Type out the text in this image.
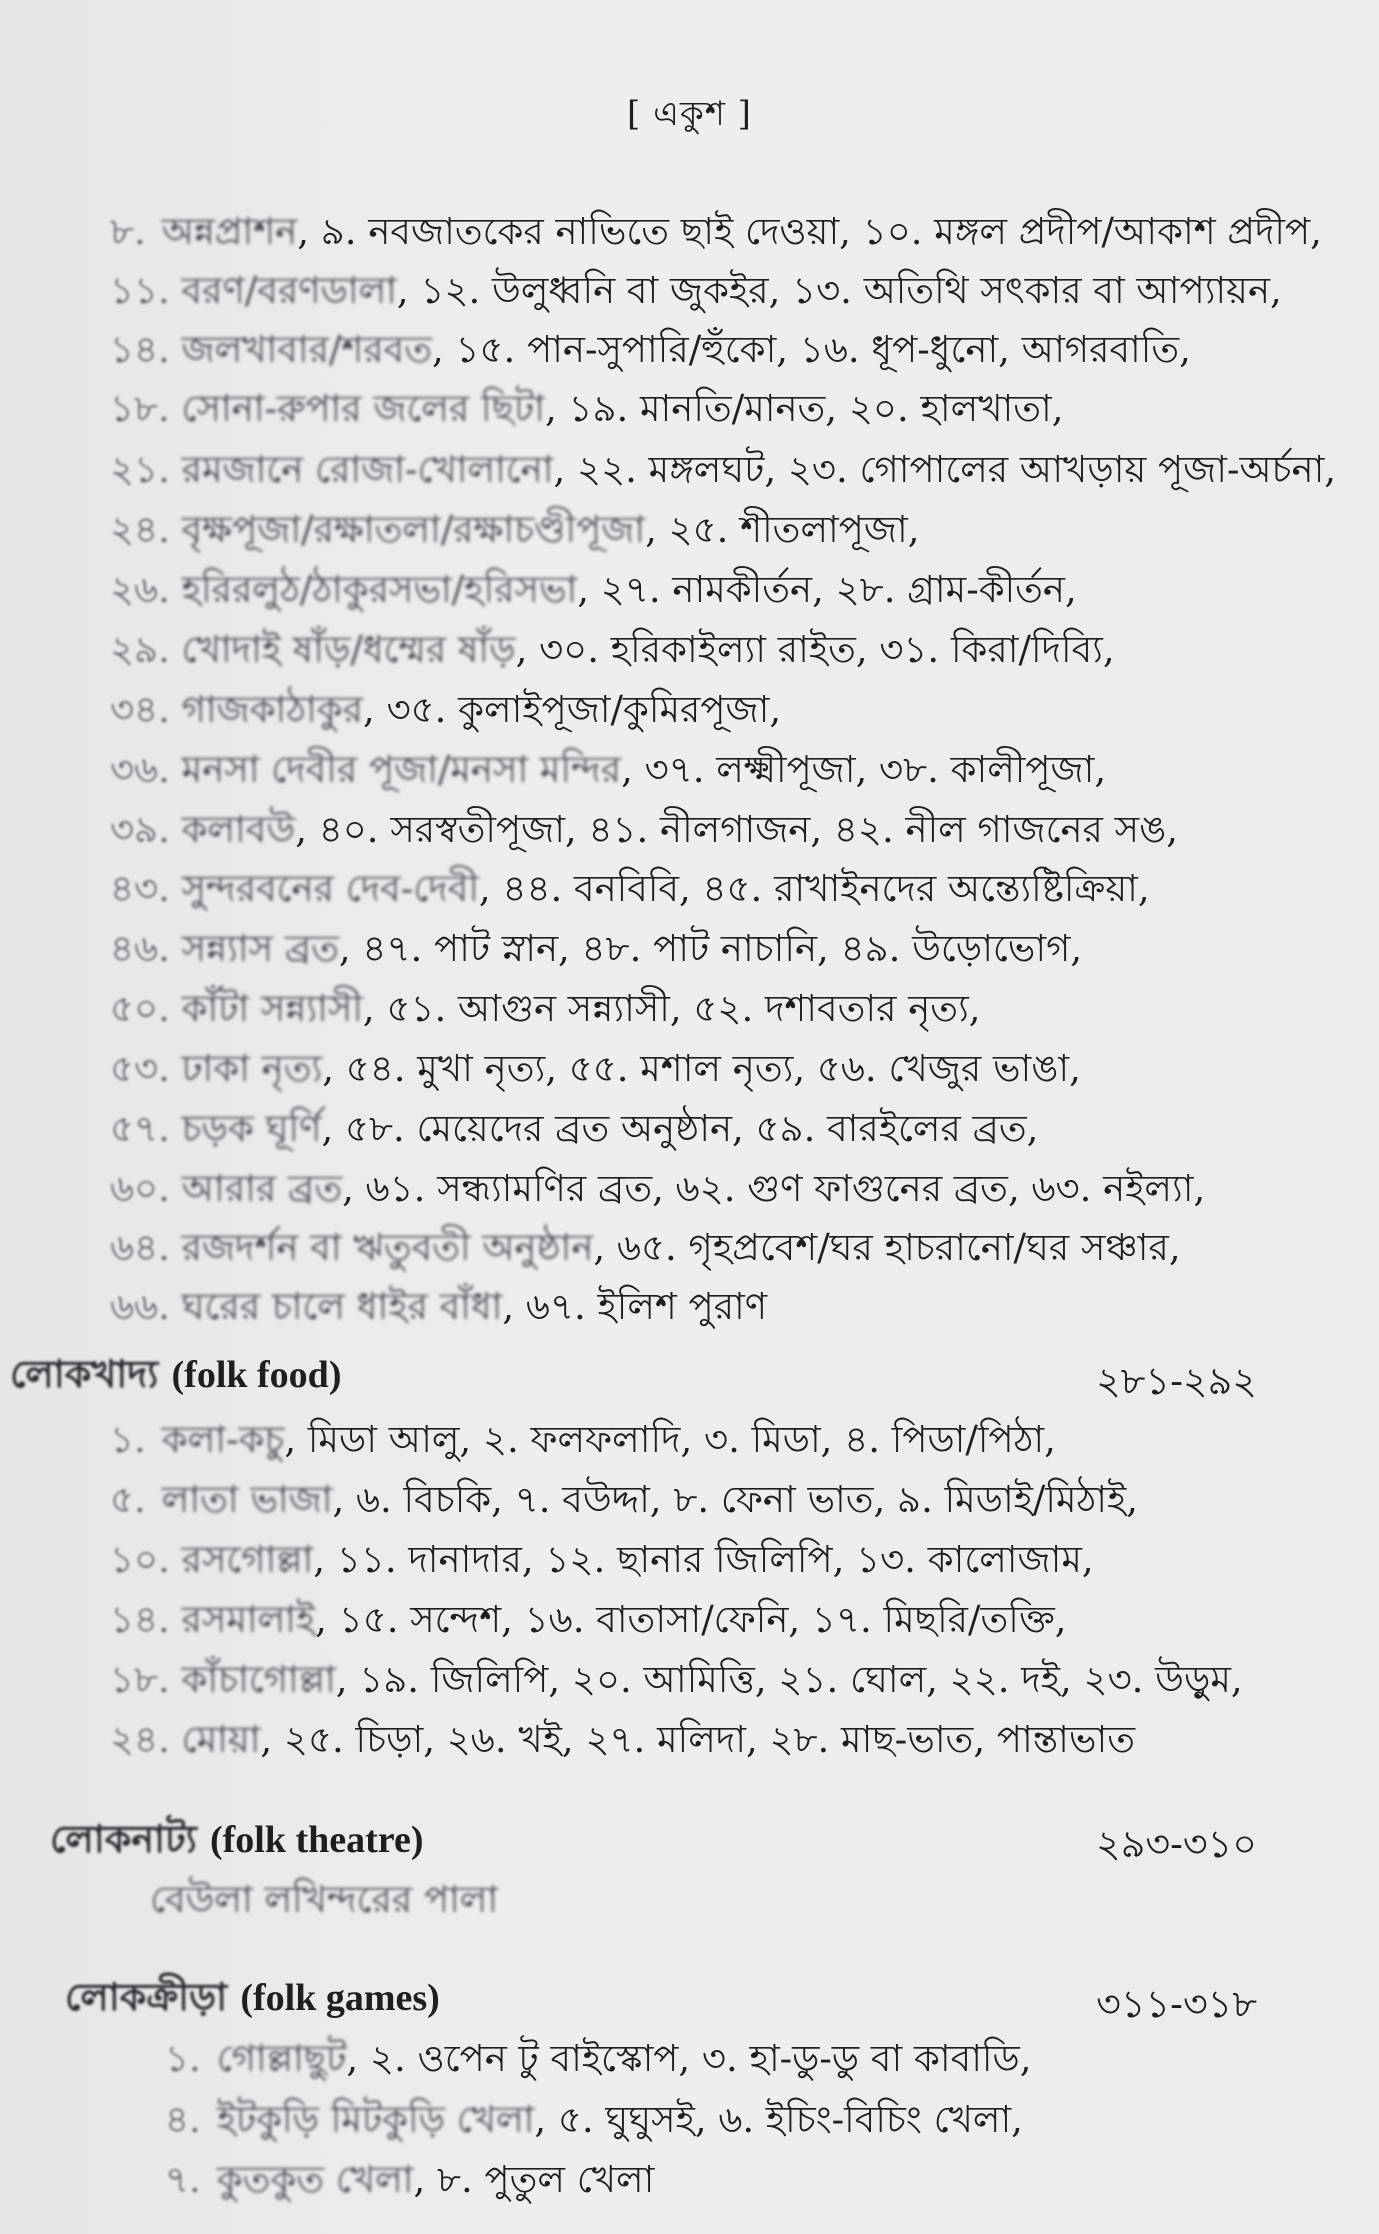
[ একুশ ]
৮. অন্নপ্রাশন, ৯. নবজাতকের নাভিতে ছাই দেওয়া, ১০. মঙ্গল প্রদীপ/আকাশ প্রদীপ,
১১. বরণ/বরণডালা, ১২. উলুধ্বনি বা জুকইর, ১৩. অতিথি সৎকার বা আপ্যায়ন,
১৪. জলখাবার/শরবত, ১৫. পান-সুপারি/হুঁকো, ১৬. ধূপ-ধুনো, আগরবাতি,
১৮. সোনা-রুপার জলের ছিটা, ১৯. মানতি/মানত, ২০. হালখাতা,
২১. রমজানে রোজা-খোলানো, ২২. মঙ্গলঘট, ২৩. গোপালের আখড়ায় পূজা-অর্চনা,
২৪. বৃক্ষপূজা/রক্ষাতলা/রক্ষাচণ্ডীপূজা, ২৫. শীতলাপূজা,
২৬. হরিরলুঠ/ঠাকুরসভা/হরিসভা, ২৭. নামকীর্তন, ২৮. গ্রাম-কীর্তন,
২৯. খোদাই ষাঁড়/ধম্মের ষাঁড়, ৩০. হরিকাইল্যা রাইত, ৩১. কিরা/দিব্যি,
৩৪. গাজকাঠাকুর, ৩৫. কুলাইপূজা/কুমিরপূজা,
৩৬. মনসা দেবীর পূজা/মনসা মন্দির, ৩৭. লক্ষ্মীপূজা, ৩৮. কালীপূজা,
৩৯. কলাবউ, ৪০. সরস্বতীপূজা, ৪১. নীলগাজন, ৪২. নীল গাজনের সঙ,
৪৩. সুন্দরবনের দেব-দেবী, ৪৪. বনবিবি, ৪৫. রাখাইনদের অন্ত্যেষ্টিক্রিয়া,
৪৬. সন্ন্যাস ব্রত, ৪৭. পাট স্নান, ৪৮. পাট নাচানি, ৪৯. উড়োভোগ,
৫০. কাঁটা সন্ন্যাসী, ৫১. আগুন সন্ন্যাসী, ৫২. দশাবতার নৃত্য,
৫৩. ঢাকা নৃত্য, ৫৪. মুখা নৃত্য, ৫৫. মশাল নৃত্য, ৫৬. খেজুর ভাঙা,
৫৭. চড়ক ঘূর্ণি, ৫৮. মেয়েদের ব্রত অনুষ্ঠান, ৫৯. বারইলের ব্রত,
৬০. আরার ব্রত, ৬১. সন্ধ্যামণির ব্রত, ৬২. গুণ ফাগুনের ব্রত, ৬৩. নইল্যা,
৬৪. রজদর্শন বা ঋতুবতী অনুষ্ঠান, ৬৫. গৃহপ্রবেশ/ঘর হাচরানো/ঘর সঞ্চার,
৬৬. ঘরের চালে ধাইর বাঁধা, ৬৭. ইলিশ পুরাণ
লোকখাদ্য (folk food)	২৮১-২৯২
১. কলা-কচু, মিডা আলু, ২. ফলফলাদি, ৩. মিডা, ৪. পিডা/পিঠা,
৫. লাতা ভাজা, ৬. বিচকি, ৭. বউদ্দা, ৮. ফেনা ভাত, ৯. মিডাই/মিঠাই,
১০. রসগোল্লা, ১১. দানাদার, ১২. ছানার জিলিপি, ১৩. কালোজাম,
১৪. রসমালাই, ১৫. সন্দেশ, ১৬. বাতাসা/ফেনি, ১৭. মিছরি/তক্তি,
১৮. কাঁচাগোল্লা, ১৯. জিলিপি, ২০. আমিত্তি, ২১. ঘোল, ২২. দই, ২৩. উড়ুম,
২৪. মোয়া, ২৫. চিড়া, ২৬. খই, ২৭. মলিদা, ২৮. মাছ-ভাত, পান্তাভাত
লোকনাট্য (folk theatre)	২৯৩-৩১০
বেউলা লখিন্দরের পালা
লোকক্রীড়া (folk games)	৩১১-৩১৮
১. গোল্লাছুট, ২. ওপেন টু বাইস্কোপ, ৩. হা-ডু-ডু বা কাবাডি,
৪. ইটকুড়ি মিটকুড়ি খেলা, ৫. ঘুঘুসই, ৬. ইচিং-বিচিং খেলা,
৭. কুতকুত খেলা, ৮. পুতুল খেলা
